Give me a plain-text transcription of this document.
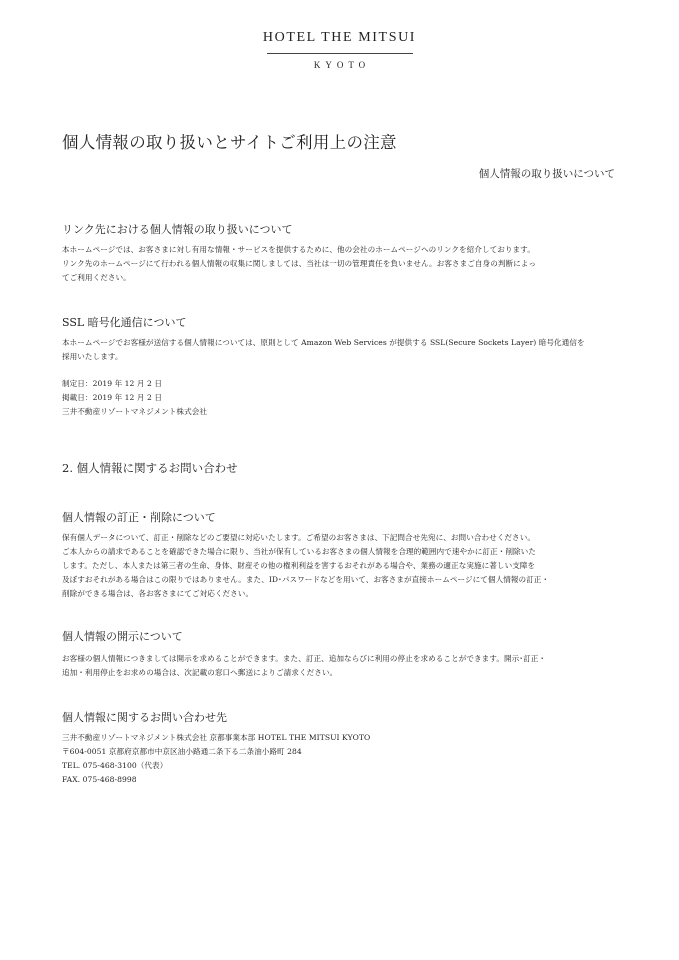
HOTEL THE MITSUI
KYOTO
個人情報の取り扱いとサイトご利用上の注意
個人情報の取り扱いについて
リンク先における個人情報の取り扱いについて
本ホームページでは、お客さまに対し有用な情報・サービスを提供するために、他の会社のホームページへのリンクを紹介しております。
リンク先のホームページにて行われる個人情報の収集に関しましては、当社は一切の管理責任を負いません。お客さまご自身の判断によっ
てご利用ください。
SSL 暗号化通信について
本ホームページでお客様が送信する個人情報については、原則として Amazon Web Services が提供する SSL(Secure Sockets Layer) 暗号化通信を
採用いたします。
制定日：2019 年 12 月 2 日
掲載日：2019 年 12 月 2 日
三井不動産リゾートマネジメント株式会社
2. 個人情報に関するお問い合わせ
個人情報の訂正・削除について
保有個人データについて、訂正・削除などのご要望に対応いたします。ご希望のお客さまは、下記問合せ先宛に、お問い合わせください。
ご本人からの請求であることを確認できた場合に限り、当社が保有しているお客さまの個人情報を合理的範囲内で速やかに訂正・削除いた
します。ただし、本人または第三者の生命、身体、財産その他の権利利益を害するおそれがある場合や、業務の適正な実施に著しい支障を
及ぼすおそれがある場合はこの限りではありません。また、ID･パスワードなどを用いて、お客さまが直接ホームページにて個人情報の訂正・
削除ができる場合は、各お客さまにてご対応ください。
個人情報の開示について
お客様の個人情報につきましては開示を求めることができます。また、訂正、追加ならびに利用の停止を求めることができます。開示･訂正・
追加・利用停止をお求めの場合は、次記載の窓口へ郵送によりご請求ください。
個人情報に関するお問い合わせ先
三井不動産リゾートマネジメント株式会社 京都事業本部 HOTEL THE MITSUI KYOTO
〒604-0051 京都府京都市中京区油小路通二条下る二条油小路町 284
TEL. 075-468-3100（代表）
FAX. 075-468-8998
